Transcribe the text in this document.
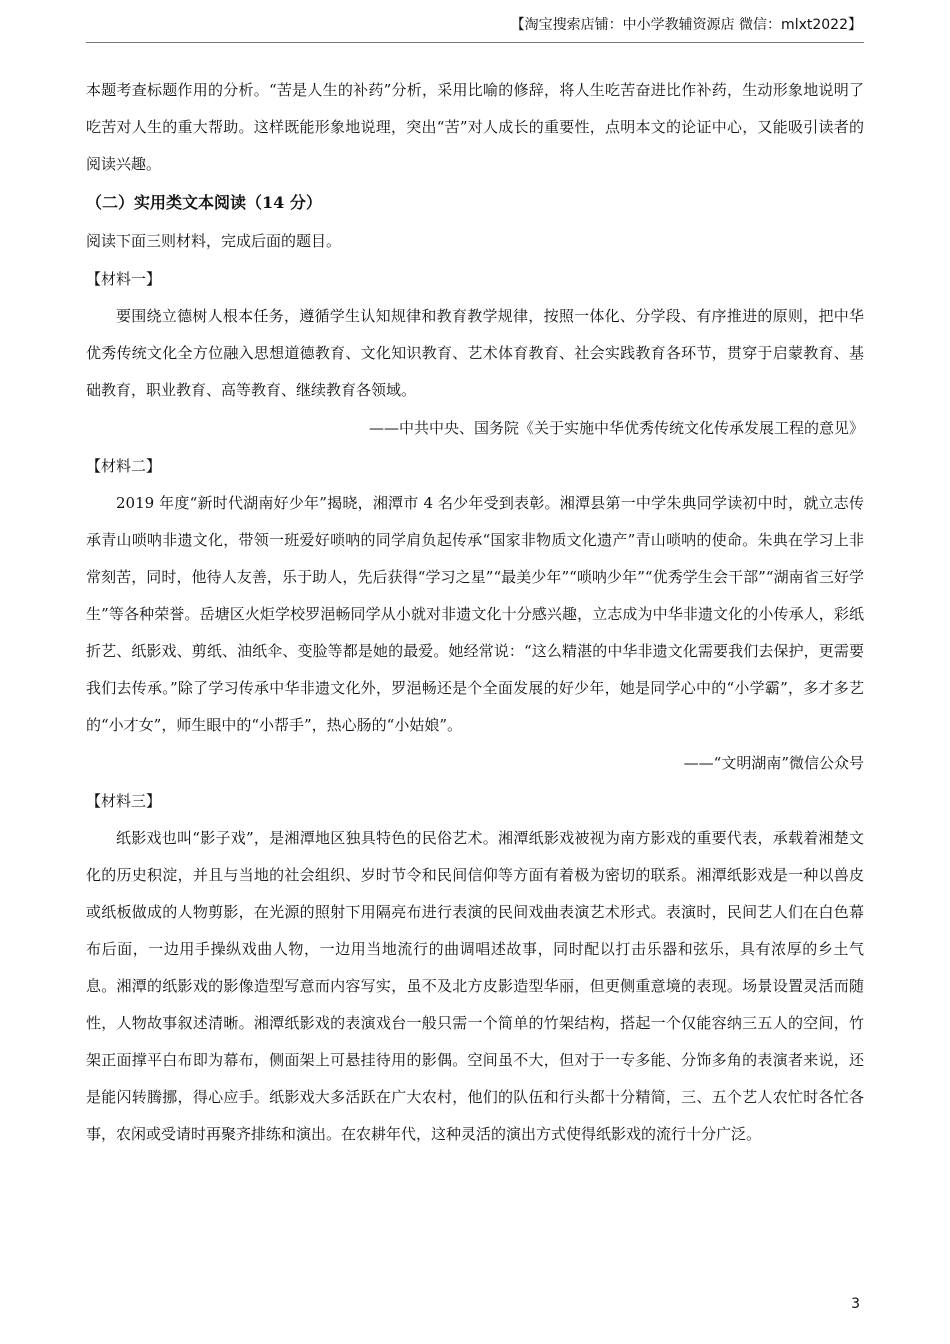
【淘宝搜索店铺：中小学教辅资源店 微信：mlxt2022】

本题考查标题作用的分析。“苦是人生的补药”分析，采用比喻的修辞，将人生吃苦奋进比作补药，生动形象地说明了吃苦对人生的重大帮助。这样既能形象地说理，突出“苦”对人成长的重要性，点明本文的论证中心，又能吸引读者的阅读兴趣。

（二）实用类文本阅读（14 分）

阅读下面三则材料，完成后面的题目。

【材料一】

要围绕立德树人根本任务，遵循学生认知规律和教育教学规律，按照一体化、分学段、有序推进的原则，把中华优秀传统文化全方位融入思想道德教育、文化知识教育、艺术体育教育、社会实践教育各环节，贯穿于启蒙教育、基础教育，职业教育、高等教育、继续教育各领域。

——中共中央、国务院《关于实施中华优秀传统文化传承发展工程的意见》

【材料二】

2019 年度“新时代湖南好少年”揭晓，湘潭市 4 名少年受到表彰。湘潭县第一中学朱典同学读初中时，就立志传承青山唢呐非遗文化，带领一班爱好唢呐的同学肩负起传承“国家非物质文化遗产”青山唢呐的使命。朱典在学习上非常刻苦，同时，他待人友善，乐于助人，先后获得“学习之星”“最美少年”“唢呐少年”“优秀学生会干部”“湖南省三好学生”等各种荣誉。岳塘区火炬学校罗浥畅同学从小就对非遗文化十分感兴趣，立志成为中华非遗文化的小传承人，彩纸折艺、纸影戏、剪纸、油纸伞、变脸等都是她的最爱。她经常说：“这么精湛的中华非遗文化需要我们去保护，更需要我们去传承。”除了学习传承中华非遗文化外，罗浥畅还是个全面发展的好少年，她是同学心中的“小学霸”，多才多艺的“小才女”，师生眼中的“小帮手”，热心肠的“小姑娘”。

——“文明湖南”微信公众号

【材料三】

纸影戏也叫“影子戏”，是湘潭地区独具特色的民俗艺术。湘潭纸影戏被视为南方影戏的重要代表，承载着湘楚文化的历史积淀，并且与当地的社会组织、岁时节令和民间信仰等方面有着极为密切的联系。湘潭纸影戏是一种以兽皮或纸板做成的人物剪影，在光源的照射下用隔亮布进行表演的民间戏曲表演艺术形式。表演时，民间艺人们在白色幕布后面，一边用手操纵戏曲人物，一边用当地流行的曲调唱述故事，同时配以打击乐器和弦乐，具有浓厚的乡土气息。湘潭的纸影戏的影像造型写意而内容写实，虽不及北方皮影造型华丽，但更侧重意境的表现。场景设置灵活而随性，人物故事叙述清晰。湘潭纸影戏的表演戏台一般只需一个简单的竹架结构，搭起一个仅能容纳三五人的空间，竹架正面撑平白布即为幕布，侧面架上可悬挂待用的影偶。空间虽不大，但对于一专多能、分饰多角的表演者来说，还是能闪转腾挪，得心应手。纸影戏大多活跃在广大农村，他们的队伍和行头都十分精简，三、五个艺人农忙时各忙各事，农闲或受请时再聚齐排练和演出。在农耕年代，这种灵活的演出方式使得纸影戏的流行十分广泛。

3
